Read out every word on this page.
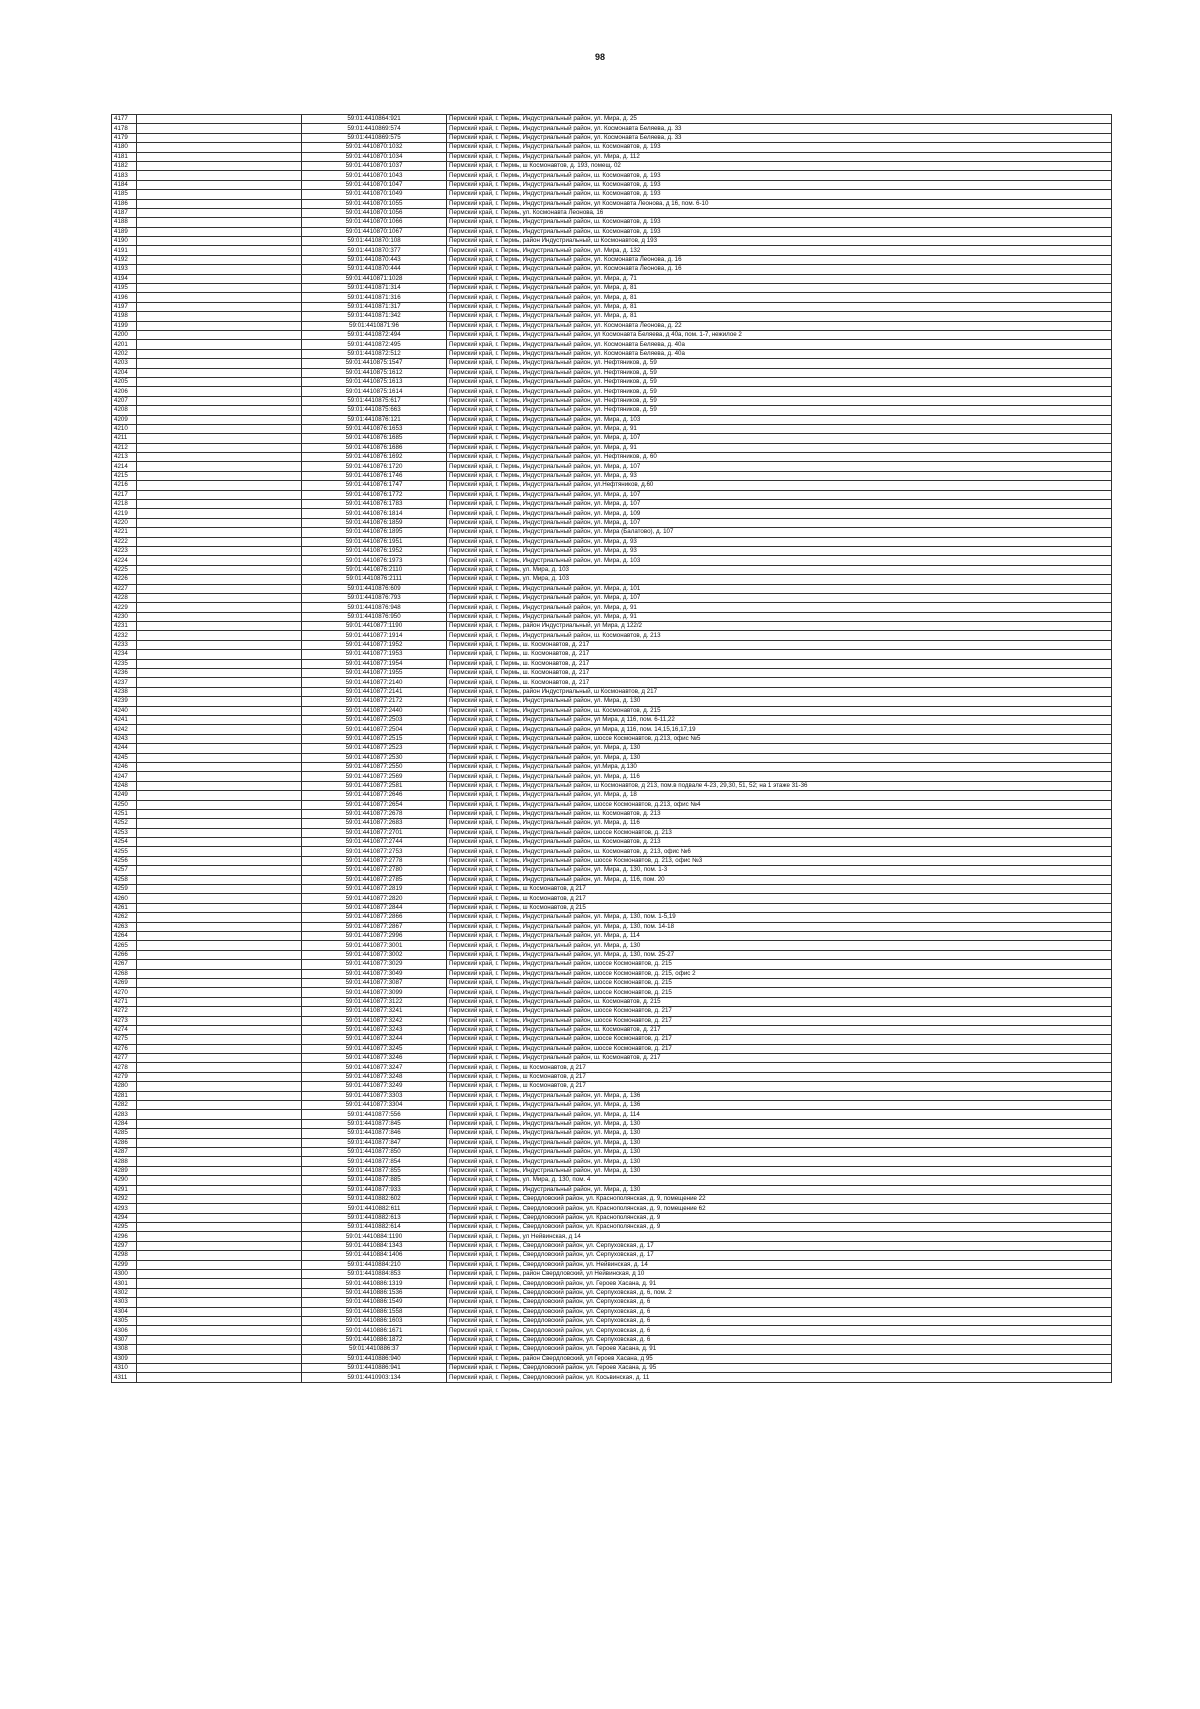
98
4177		59:01:4410864:921	Пермский край, г. Пермь, Индустриальный район, ул. Мира, д. 25
4178		59:01:4410869:574	Пермский край, г. Пермь, Индустриальный район, ул. Космонавта Беляева, д. 33
4179		59:01:4410869:575	Пермский край, г. Пермь, Индустриальный район, ул. Космонавта Беляева, д. 33
4180		59:01:4410870:1032	Пермский край, г. Пермь, Индустриальный район, ш. Космонавтов, д. 193
4181		59:01:4410870:1034	Пермский край, г. Пермь, Индустриальный район, ул. Мира, д. 112
4182		59:01:4410870:1037	Пермский край, г. Пермь, ш Космонавтов, д. 193, помещ. 02
4183		59:01:4410870:1043	Пермский край, г. Пермь, Индустриальный район, ш. Космонавтов, д. 193
4184		59:01:4410870:1047	Пермский край, г. Пермь, Индустриальный район, ш. Космонавтов, д. 193
4185		59:01:4410870:1049	Пермский край, г. Пермь, Индустриальный район, ш. Космонавтов, д. 193
4186		59:01:4410870:1055	Пермский край, г. Пермь, Индустриальный район, ул Космонавта Леонова, д 16, пом. 6-10
4187		59:01:4410870:1056	Пермский край, г. Пермь, ул. Космонавта Леонова, 16
4188		59:01:4410870:1066	Пермский край, г. Пермь, Индустриальный район, ш. Космонавтов, д. 193
4189		59:01:4410870:1067	Пермский край, г. Пермь, Индустриальный район, ш. Космонавтов, д. 193
4190		59:01:4410870:108	Пермский край, г. Пермь, район Индустриальный, ш Космонавтов, д 193
4191		59:01:4410870:377	Пермский край, г. Пермь, Индустриальный район, ул. Мира, д. 132
4192		59:01:4410870:443	Пермский край, г. Пермь, Индустриальный район, ул. Космонавта Леонова, д. 16
4193		59:01:4410870:444	Пермский край, г. Пермь, Индустриальный район, ул. Космонавта Леонова, д. 16
4194		59:01:4410871:1028	Пермский край, г. Пермь, Индустриальный район, ул. Мира, д. 71
4195		59:01:4410871:314	Пермский край, г. Пермь, Индустриальный район, ул. Мира, д. 81
4196		59:01:4410871:316	Пермский край, г. Пермь, Индустриальный район, ул. Мира, д. 81
4197		59:01:4410871:317	Пермский край, г. Пермь, Индустриальный район, ул. Мира, д. 81
4198		59:01:4410871:342	Пермский край, г. Пермь, Индустриальный район, ул. Мира, д. 81
4199		59:01:4410871:96	Пермский край, г. Пермь, Индустриальный район, ул. Космонавта Леонова, д. 22
4200		59:01:4410872:494	Пермский край, г. Пермь, Индустриальный район, ул Космонавта Беляева, д 40а, пом. 1-7, нежилое 2
4201		59:01:4410872:495	Пермский край, г. Пермь, Индустриальный район, ул. Космонавта Беляева, д. 40а
4202		59:01:4410872:512	Пермский край, г. Пермь, Индустриальный район, ул. Космонавта Беляева, д. 40а
4203		59:01:4410875:1547	Пермский край, г. Пермь, Индустриальный район, ул. Нефтяников, д. 59
4204		59:01:4410875:1612	Пермский край, г. Пермь, Индустриальный район, ул. Нефтяников, д. 59
4205		59:01:4410875:1613	Пермский край, г. Пермь, Индустриальный район, ул. Нефтяников, д. 59
4206		59:01:4410875:1614	Пермский край, г. Пермь, Индустриальный район, ул. Нефтяников, д. 59
4207		59:01:4410875:617	Пермский край, г. Пермь, Индустриальный район, ул. Нефтяников, д. 59
4208		59:01:4410875:663	Пермский край, г. Пермь, Индустриальный район, ул. Нефтяников, д. 59
4209		59:01:4410876:121	Пермский край, г. Пермь, Индустриальный район, ул. Мира, д. 103
4210		59:01:4410876:1653	Пермский край, г. Пермь, Индустриальный район, ул. Мира, д. 91
4211		59:01:4410876:1685	Пермский край, г. Пермь, Индустриальный район, ул. Мира, д. 107
4212		59:01:4410876:1686	Пермский край, г. Пермь, Индустриальный район, ул. Мира, д. 91
4213		59:01:4410876:1692	Пермский край, г. Пермь, Индустриальный район, ул. Нефтяников, д. 60
4214		59:01:4410876:1720	Пермский край, г. Пермь, Индустриальный район, ул. Мира, д. 107
4215		59:01:4410876:1746	Пермский край, г. Пермь, Индустриальный район, ул. Мира, д. 93
4216		59:01:4410876:1747	Пермский край, г. Пермь, Индустриальный район, ул.Нефтяников, д.60
4217		59:01:4410876:1772	Пермский край, г. Пермь, Индустриальный район, ул. Мира, д. 107
4218		59:01:4410876:1783	Пермский край, г. Пермь, Индустриальный район, ул. Мира, д. 107
4219		59:01:4410876:1814	Пермский край, г. Пермь, Индустриальный район, ул. Мира, д. 109
4220		59:01:4410876:1859	Пермский край, г. Пермь, Индустриальный район, ул. Мира, д. 107
4221		59:01:4410876:1895	Пермский край, г. Пермь, Индустриальный район, ул. Мира (Балатово), д. 107
4222		59:01:4410876:1951	Пермский край, г. Пермь, Индустриальный район, ул. Мира, д. 93
4223		59:01:4410876:1952	Пермский край, г. Пермь, Индустриальный район, ул. Мира, д. 93
4224		59:01:4410876:1973	Пермский край, г. Пермь, Индустриальный район, ул. Мира, д. 103
4225		59:01:4410876:2110	Пермский край, г. Пермь, ул. Мира, д. 103
4226		59:01:4410876:2111	Пермский край, г. Пермь, ул. Мира, д. 103
4227		59:01:4410876:609	Пермский край, г. Пермь, Индустриальный район, ул. Мира, д. 101
4228		59:01:4410876:793	Пермский край, г. Пермь, Индустриальный район, ул. Мира, д. 107
4229		59:01:4410876:948	Пермский край, г. Пермь, Индустриальный район, ул. Мира, д. 91
4230		59:01:4410876:950	Пермский край, г. Пермь, Индустриальный район, ул. Мира, д. 91
4231		59:01:4410877:1190	Пермский край, г. Пермь, район Индустриальный, ул Мира, д 122/2
4232		59:01:4410877:1914	Пермский край, г. Пермь, Индустриальный район, ш. Космонавтов, д. 213
4233		59:01:4410877:1952	Пермский край, г. Пермь, ш. Космонавтов, д. 217
4234		59:01:4410877:1953	Пермский край, г. Пермь, ш. Космонавтов, д. 217
4235		59:01:4410877:1954	Пермский край, г. Пермь, ш. Космонавтов, д. 217
4236		59:01:4410877:1955	Пермский край, г. Пермь, ш. Космонавтов, д. 217
4237		59:01:4410877:2140	Пермский край, г. Пермь, ш. Космонавтов, д. 217
4238		59:01:4410877:2141	Пермский край, г. Пермь, район Индустриальный, ш Космонавтов, д 217
4239		59:01:4410877:2172	Пермский край, г. Пермь, Индустриальный район, ул. Мира, д. 130
4240		59:01:4410877:2440	Пермский край, г. Пермь, Индустриальный район, ш. Космонавтов, д. 215
4241		59:01:4410877:2503	Пермский край, г. Пермь, Индустриальный район, ул Мира, д 116, пом. 6-11,22
4242		59:01:4410877:2504	Пермский край, г. Пермь, Индустриальный район, ул Мира, д 116, пом. 14,15,16,17,19
4243		59:01:4410877:2515	Пермский край, г. Пермь, Индустриальный район, шоссе Космонавтов, д.213, офис №5
4244		59:01:4410877:2523	Пермский край, г. Пермь, Индустриальный район, ул. Мира, д. 130
4245		59:01:4410877:2530	Пермский край, г. Пермь, Индустриальный район, ул. Мира, д. 130
4246		59:01:4410877:2550	Пермский край, г. Пермь, Индустриальный район, ул.Мира, д.130
4247		59:01:4410877:2569	Пермский край, г. Пермь, Индустриальный район, ул. Мира, д. 116
4248		59:01:4410877:2581	Пермский край, г. Пермь, Индустриальный район, ш Космонавтов, д 213, пом.в подвале 4-23, 29,30, 51, 52; на 1 этаже 31-36
4249		59:01:4410877:2646	Пермский край, г. Пермь, Индустриальный район, ул. Мира, д. 18
4250		59:01:4410877:2654	Пермский край, г. Пермь, Индустриальный район, шоссе Космонавтов, д.213, офис №4
4251		59:01:4410877:2678	Пермский край, г. Пермь, Индустриальный район, ш. Космонавтов, д. 213
4252		59:01:4410877:2683	Пермский край, г. Пермь, Индустриальный район, ул. Мира, д. 116
4253		59:01:4410877:2701	Пермский край, г. Пермь, Индустриальный район, шоссе Космонавтов, д. 213
4254		59:01:4410877:2744	Пермский край, г. Пермь, Индустриальный район, ш. Космонавтов, д. 213
4255		59:01:4410877:2753	Пермский край, г. Пермь, Индустриальный район, ш. Космонавтов, д. 213, офис №6
4256		59:01:4410877:2778	Пермский край, г. Пермь, Индустриальный район, шоссе Космонавтов, д. 213, офис №3
4257		59:01:4410877:2780	Пермский край, г. Пермь, Индустриальный район, ул. Мира, д. 130, пом. 1-3
4258		59:01:4410877:2785	Пермский край, г. Пермь, Индустриальный район, ул. Мира, д. 116, пом. 20
4259		59:01:4410877:2819	Пермский край, г. Пермь, ш Космонавтов, д 217
4260		59:01:4410877:2820	Пермский край, г. Пермь, ш Космонавтов, д 217
4261		59:01:4410877:2844	Пермский край, г. Пермь, ш Космонавтов, д 215
4262		59:01:4410877:2866	Пермский край, г. Пермь, Индустриальный район, ул. Мира, д. 130, пом. 1-5,19
4263		59:01:4410877:2867	Пермский край, г. Пермь, Индустриальный район, ул. Мира, д. 130, пом. 14-18
4264		59:01:4410877:2996	Пермский край, г. Пермь, Индустриальный район, ул. Мира, д. 114
4265		59:01:4410877:3001	Пермский край, г. Пермь, Индустриальный район, ул. Мира, д. 130
4266		59:01:4410877:3002	Пермский край, г. Пермь, Индустриальный район, ул. Мира, д. 130, пом. 25-27
4267		59:01:4410877:3029	Пермский край, г. Пермь, Индустриальный район, шоссе Космонавтов, д. 215
4268		59:01:4410877:3049	Пермский край, г. Пермь, Индустриальный район, шоссе Космонавтов, д. 215, офис 2
4269		59:01:4410877:3087	Пермский край, г. Пермь, Индустриальный район, шоссе Космонавтов, д. 215
4270		59:01:4410877:3099	Пермский край, г. Пермь, Индустриальный район, шоссе Космонавтов, д. 215
4271		59:01:4410877:3122	Пермский край, г. Пермь, Индустриальный район, ш. Космонавтов, д. 215
4272		59:01:4410877:3241	Пермский край, г. Пермь, Индустриальный район, шоссе Космонавтов, д. 217
4273		59:01:4410877:3242	Пермский край, г. Пермь, Индустриальный район, шоссе Космонавтов, д. 217
4274		59:01:4410877:3243	Пермский край, г. Пермь, Индустриальный район, ш. Космонавтов, д. 217
4275		59:01:4410877:3244	Пермский край, г. Пермь, Индустриальный район, шоссе Космонавтов, д. 217
4276		59:01:4410877:3245	Пермский край, г. Пермь, Индустриальный район, шоссе Космонавтов, д. 217
4277		59:01:4410877:3246	Пермский край, г. Пермь, Индустриальный район, ш. Космонавтов, д. 217
4278		59:01:4410877:3247	Пермский край, г. Пермь, ш Космонавтов, д 217
4279		59:01:4410877:3248	Пермский край, г. Пермь, ш Космонавтов, д 217
4280		59:01:4410877:3249	Пермский край, г. Пермь, ш Космонавтов, д 217
4281		59:01:4410877:3303	Пермский край, г. Пермь, Индустриальный район, ул. Мира, д. 136
4282		59:01:4410877:3304	Пермский край, г. Пермь, Индустриальный район, ул. Мира, д. 136
4283		59:01:4410877:556	Пермский край, г. Пермь, Индустриальный район, ул. Мира, д. 114
4284		59:01:4410877:845	Пермский край, г. Пермь, Индустриальный район, ул. Мира, д. 130
4285		59:01:4410877:846	Пермский край, г. Пермь, Индустриальный район, ул. Мира, д. 130
4286		59:01:4410877:847	Пермский край, г. Пермь, Индустриальный район, ул. Мира, д. 130
4287		59:01:4410877:850	Пермский край, г. Пермь, Индустриальный район, ул. Мира, д. 130
4288		59:01:4410877:854	Пермский край, г. Пермь, Индустриальный район, ул. Мира, д. 130
4289		59:01:4410877:855	Пермский край, г. Пермь, Индустриальный район, ул. Мира, д. 130
4290		59:01:4410877:885	Пермский край, г. Пермь, ул. Мира, д. 130, пом. 4
4291		59:01:4410877:933	Пермский край, г. Пермь, Индустриальный район, ул. Мира, д. 130
4292		59:01:4410882:602	Пермский край, г. Пермь, Свердловский район, ул. Краснополянская, д. 9, помещение 22
4293		59:01:4410882:611	Пермский край, г. Пермь, Свердловский район, ул. Краснополянская, д. 9, помещение 62
4294		59:01:4410882:613	Пермский край, г. Пермь, Свердловский район, ул. Краснополянская, д. 9
4295		59:01:4410882:614	Пермский край, г. Пермь, Свердловский район, ул. Краснополянская, д. 9
4296		59:01:4410884:1190	Пермский край, г. Пермь, ул Нейвинская, д 14
4297		59:01:4410884:1343	Пермский край, г. Пермь, Свердловский район, ул. Серпуховская, д. 17
4298		59:01:4410884:1406	Пермский край, г. Пермь, Свердловский район, ул. Серпуховская, д. 17
4299		59:01:4410884:210	Пермский край, г. Пермь, Свердловский район, ул. Нейвинская, д. 14
4300		59:01:4410884:853	Пермский край, г. Пермь, район Свердловский, ул Нейвинская, д 10
4301		59:01:4410886:1319	Пермский край, г. Пермь, Свердловский район, ул. Героев Хасана, д. 91
4302		59:01:4410886:1536	Пермский край, г. Пермь, Свердловский район, ул. Серпуховская, д. 6, пом. 2
4303		59:01:4410886:1549	Пермский край, г. Пермь, Свердловский район, ул. Серпуховская, д. 6
4304		59:01:4410886:1558	Пермский край, г. Пермь, Свердловский район, ул. Серпуховская, д. 6
4305		59:01:4410886:1603	Пермский край, г. Пермь, Свердловский район, ул. Серпуховская, д. 6
4306		59:01:4410886:1671	Пермский край, г. Пермь, Свердловский район, ул. Серпуховская, д. 6
4307		59:01:4410886:1872	Пермский край, г. Пермь, Свердловский район, ул. Серпуховская, д. 6
4308		59:01:4410886:37	Пермский край, г. Пермь, Свердловский район, ул. Героев Хасана, д. 91
4309		59:01:4410886:940	Пермский край, г. Пермь, район Свердловский, ул Героев Хасана, д 95
4310		59:01:4410886:941	Пермский край, г. Пермь, Свердловский район, ул. Героев Хасана, д. 95
4311		59:01:4410903:134	Пермский край, г. Пермь, Свердловский район, ул. Косьвинская, д. 11
